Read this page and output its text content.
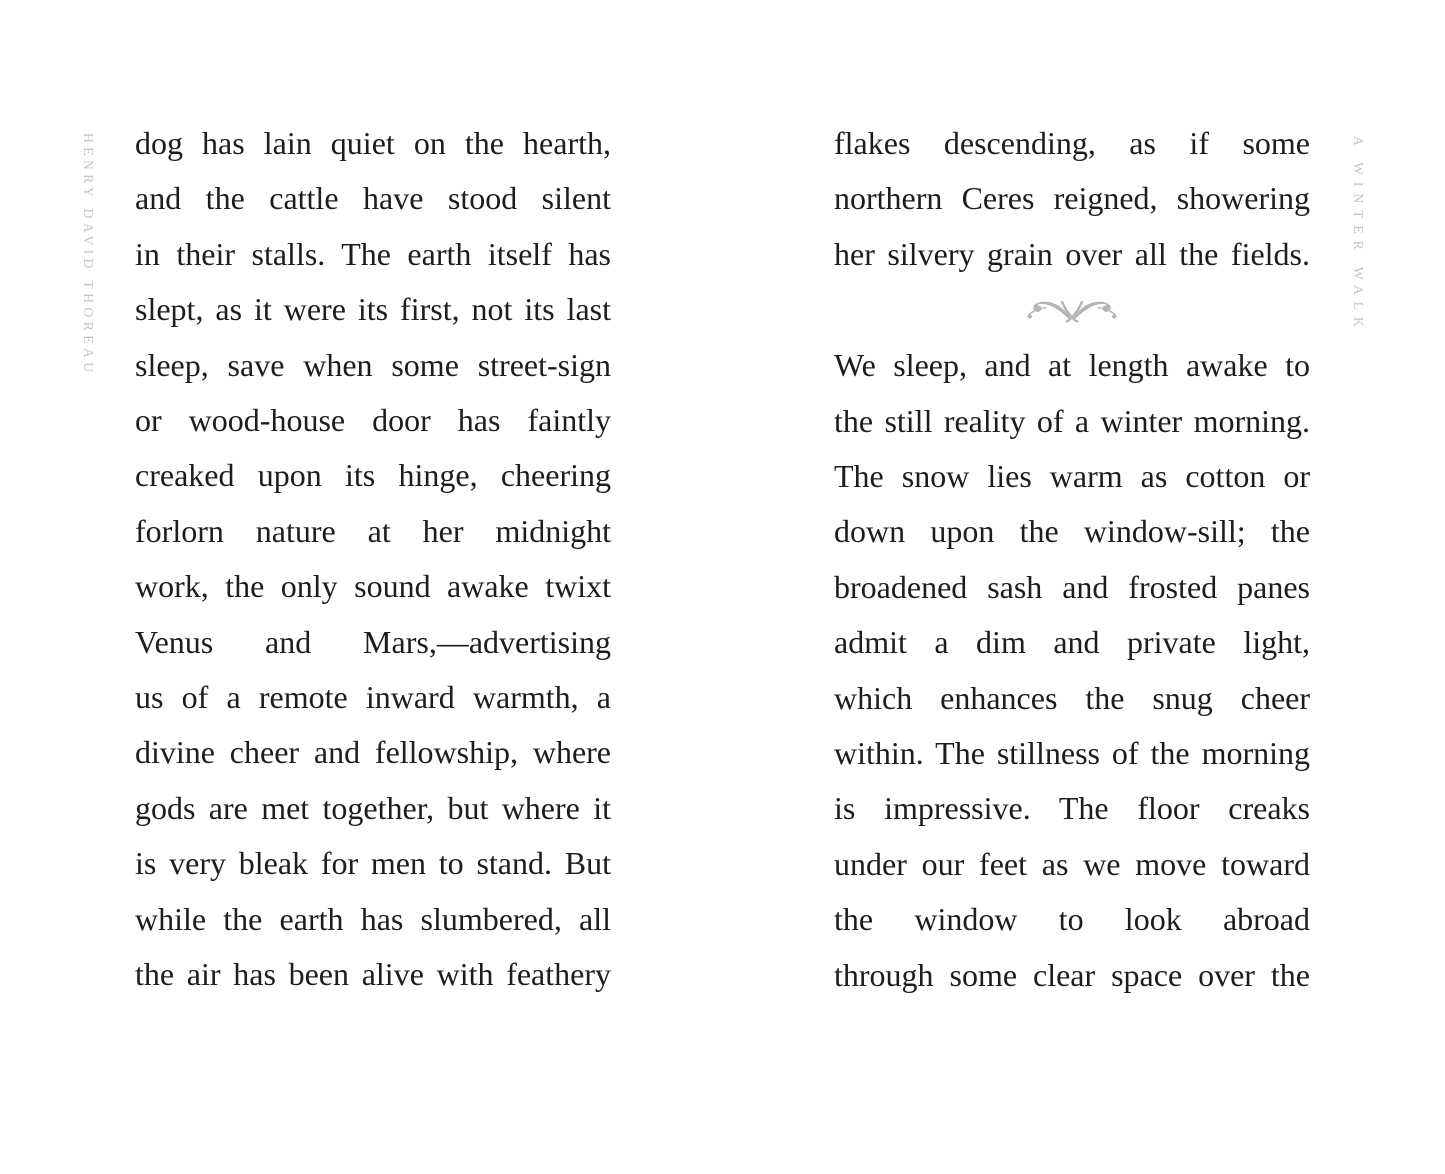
HENRY DAVID THOREAU	A WINTER WALK
dog has lain quiet on the hearth,
and the cattle have stood silent
in their stalls. The earth itself has
slept, as it were its first, not its last
sleep, save when some street-sign
or wood-house door has faintly
creaked upon its hinge, cheering
forlorn nature at her midnight
work, the only sound awake twixt
Venus and Mars,—advertising
us of a remote inward warmth, a
divine cheer and fellowship, where
gods are met together, but where it
is very bleak for men to stand. But
while the earth has slumbered, all
the air has been alive with feathery
flakes descending, as if some
northern Ceres reigned, showering
her silvery grain over all the fields.
We sleep, and at length awake to
the still reality of a winter morning.
The snow lies warm as cotton or
down upon the window-sill; the
broadened sash and frosted panes
admit a dim and private light,
which enhances the snug cheer
within. The stillness of the morning
is impressive. The floor creaks
under our feet as we move toward
the window to look abroad
through some clear space over the
